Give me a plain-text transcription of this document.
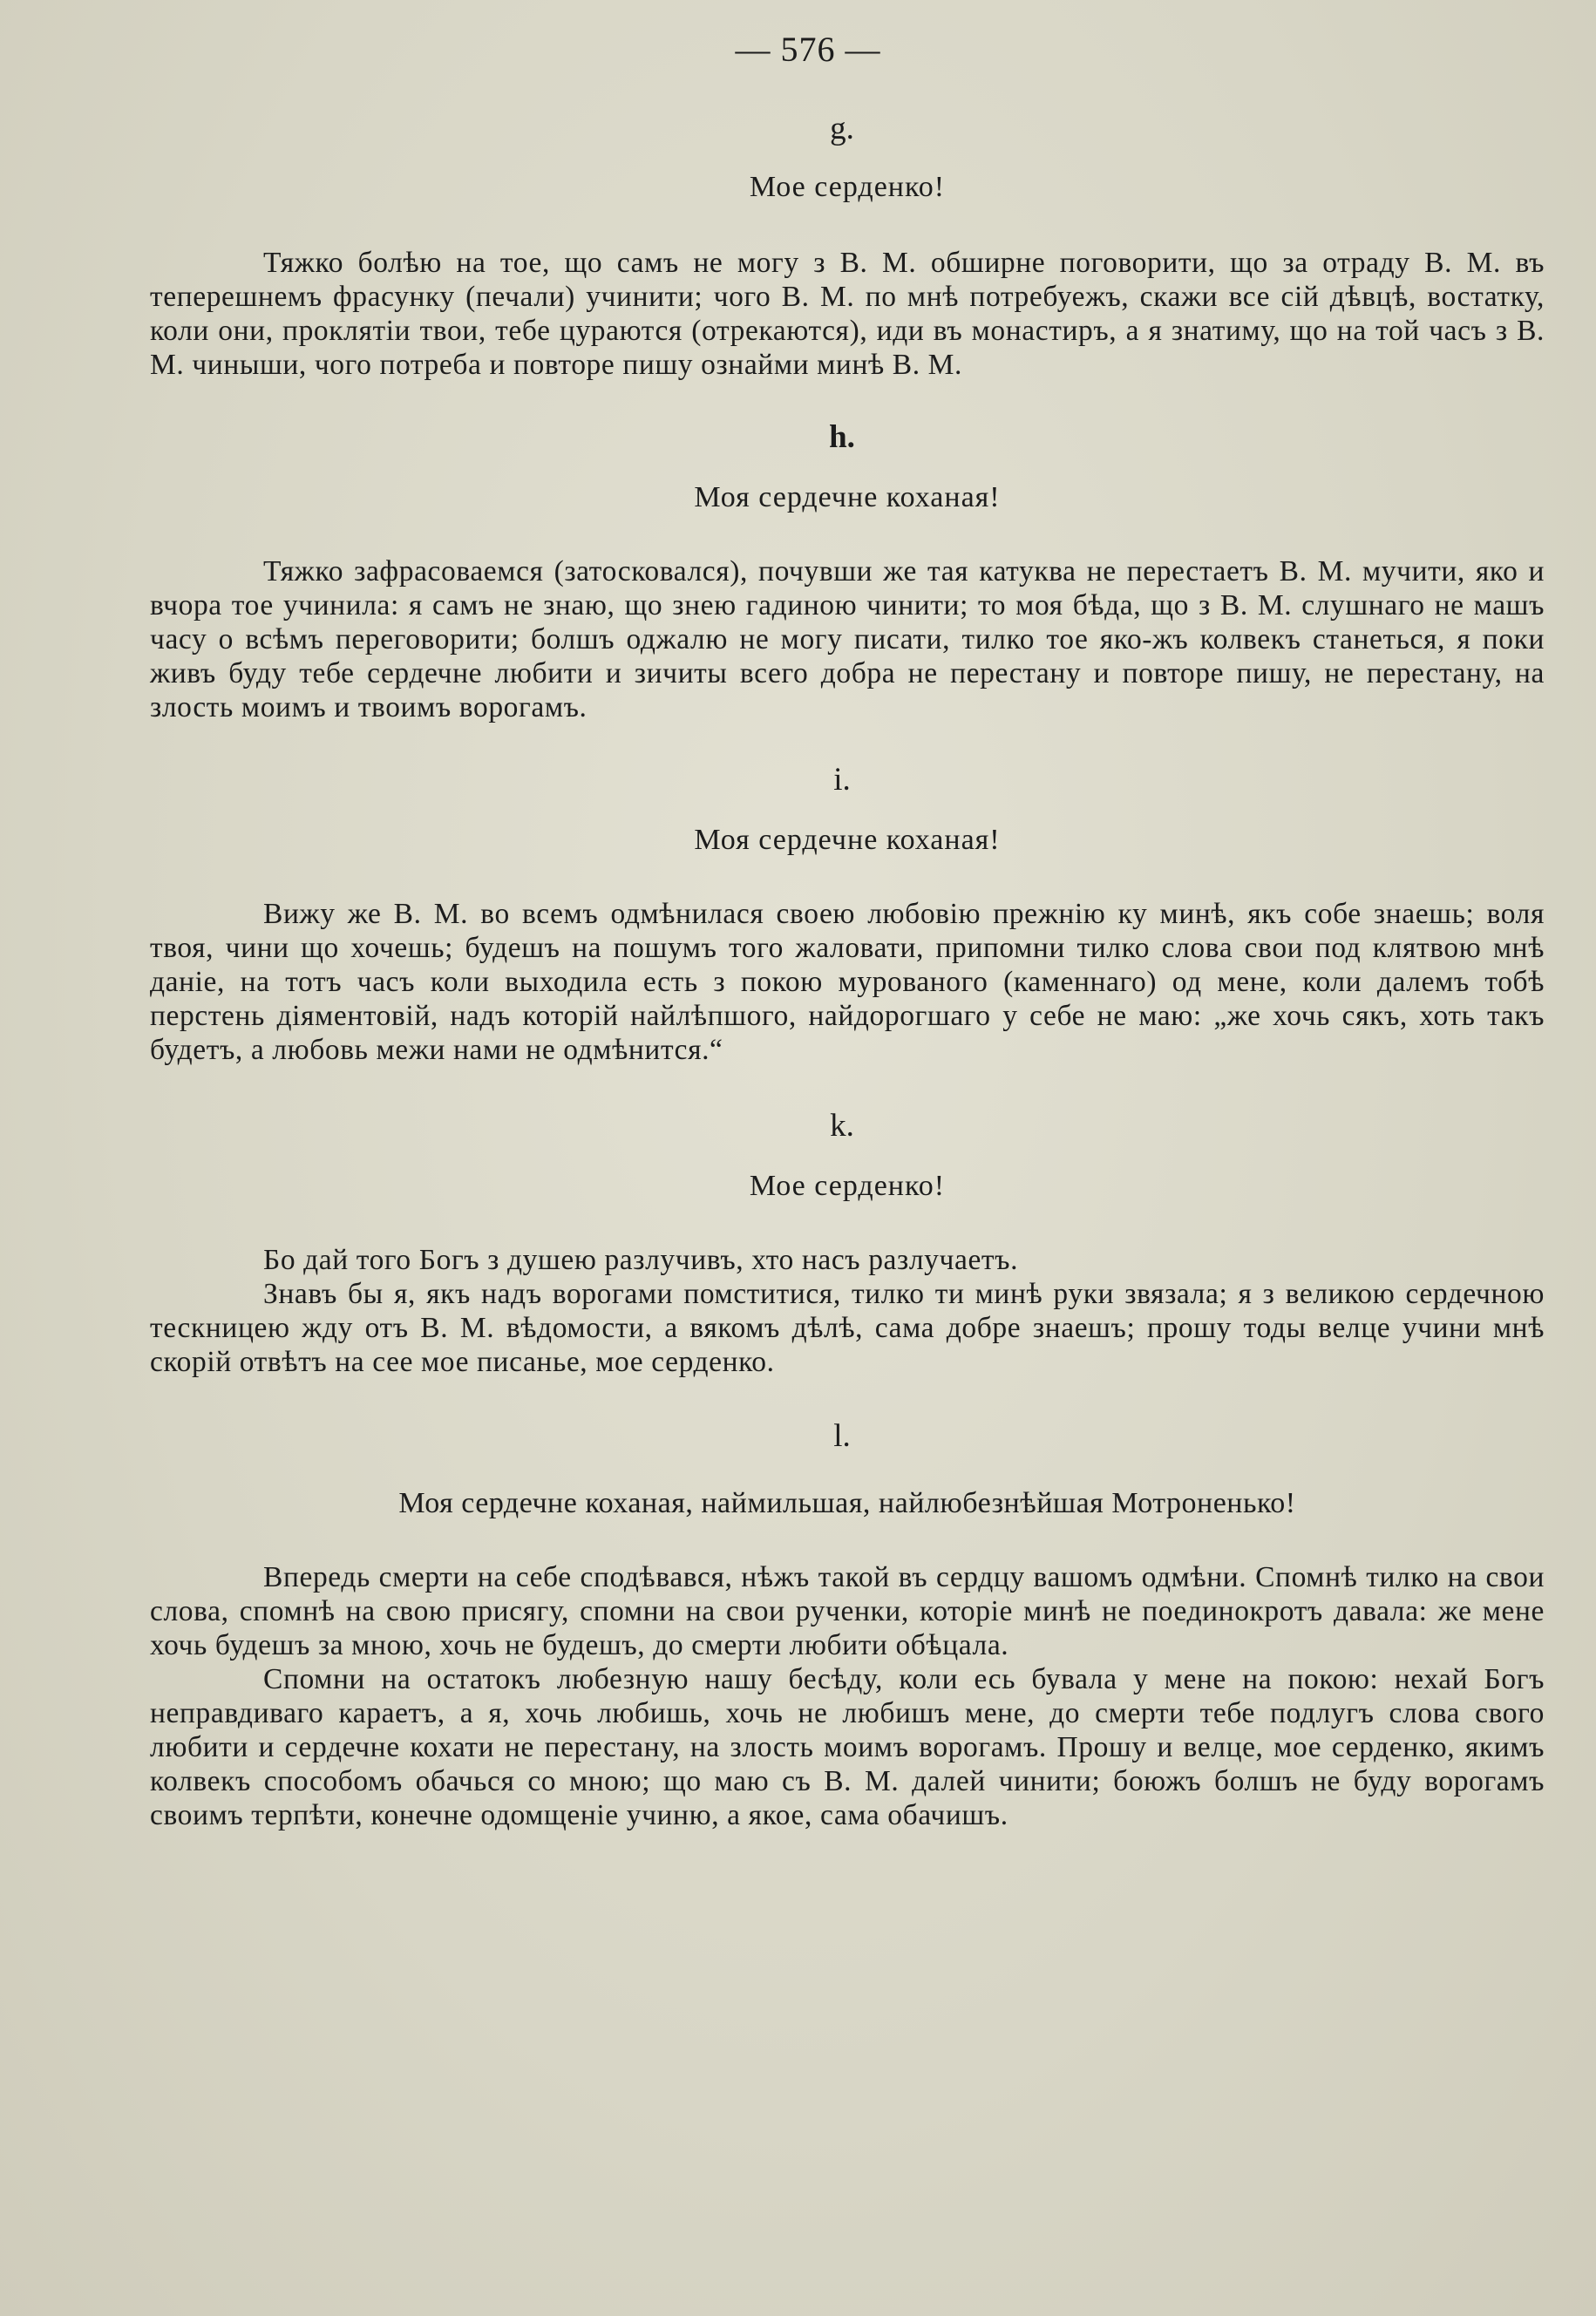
— 576 —
g.
Мое серденко!

Тяжко болѣю на тое, що самъ не могу з В. М. обширне поговорити, що за отраду В. М. въ теперешнемъ фрасунку (печали) учинити; чого В. М. по мнѣ потребуежъ, скажи все сій дѣвцѣ, востатку, коли они, проклятіи твои, тебе цураются (отрекаются), иди въ монастиръ, а я знатиму, що на той часъ з В. М. чиныши, чого потреба и повторе пишу ознайми минѣ В. М.

h.
Моя сердечне коханая!

Тяжко зафрасоваемся (затосковался), почувши же тая катуква не перестаетъ В. М. мучити, яко и вчора тое учинила: я самъ не знаю, що знею гадиною чинити; то моя бѣда, що з В. М. слушнаго не машъ часу о всѣмъ переговорити; болшъ оджалю не могу писати, тилко тое яко-жъ колвекъ станеться, я поки живъ буду тебе сердечне любити и зичиты всего добра не перестану и повторе пишу, не перестану, на злость моимъ и твоимъ ворогамъ.

i.
Моя сердечне коханая!

Вижу же В. М. во всемъ одмѣнилася своею любовію прежнію ку минѣ, якъ собе знаешь; воля твоя, чини що хочешь; будешъ на пошумъ того жаловати, припомни тилко слова свои под клятвою мнѣ даніе, на тотъ часъ коли выходила есть з покою мурованого (каменнаго) од мене, коли далемъ тобѣ перстень діяментовій, надъ которій найлѣпшого, найдорогшаго у себе не маю: „же хочь сякъ, хоть такъ будетъ, а любовь межи нами не одмѣнится.“

k.
Мое серденко!

Бо дай того Богъ з душею разлучивъ, хто насъ разлучаетъ.

Знавъ бы я, якъ надъ ворогами помститися, тилко ти минѣ руки звязала; я з великою сердечною тескницею жду отъ В. М. вѣдомости, а вякомъ дѣлѣ, сама добре знаешъ; прошу тоды велце учини мнѣ скорій отвѣтъ на сее мое писанье, мое серденко.

l.
Моя сердечне коханая, наймильшая, найлюбезнѣйшая Мотроненько!

Впередь смерти на себе сподѣвався, нѣжъ такой въ сердцу вашомъ одмѣни. Спомнѣ тилко на свои слова, спомнѣ на свою присягу, спомни на свои рученки, которіе минѣ не поединокротъ давала: же мене хочь будешъ за мною, хочь не будешъ, до смерти любити обѣцала.

Спомни на остатокъ любезную нашу бесѣду, коли есь бувала у мене на покою: нехай Богъ неправдиваго караетъ, а я, хочь любишь, хочь не любишъ мене, до смерти тебе подлугъ слова свого любити и сердечне кохати не перестану, на злость моимъ ворогамъ. Прошу и велце, мое серденко, якимъ колвекъ способомъ обачься со мною; що маю съ В. М. далей чинити; боюжъ болшъ не буду ворогамъ своимъ терпѣти, конечне одомщеніе учиню, а якое, сама обачишъ.
